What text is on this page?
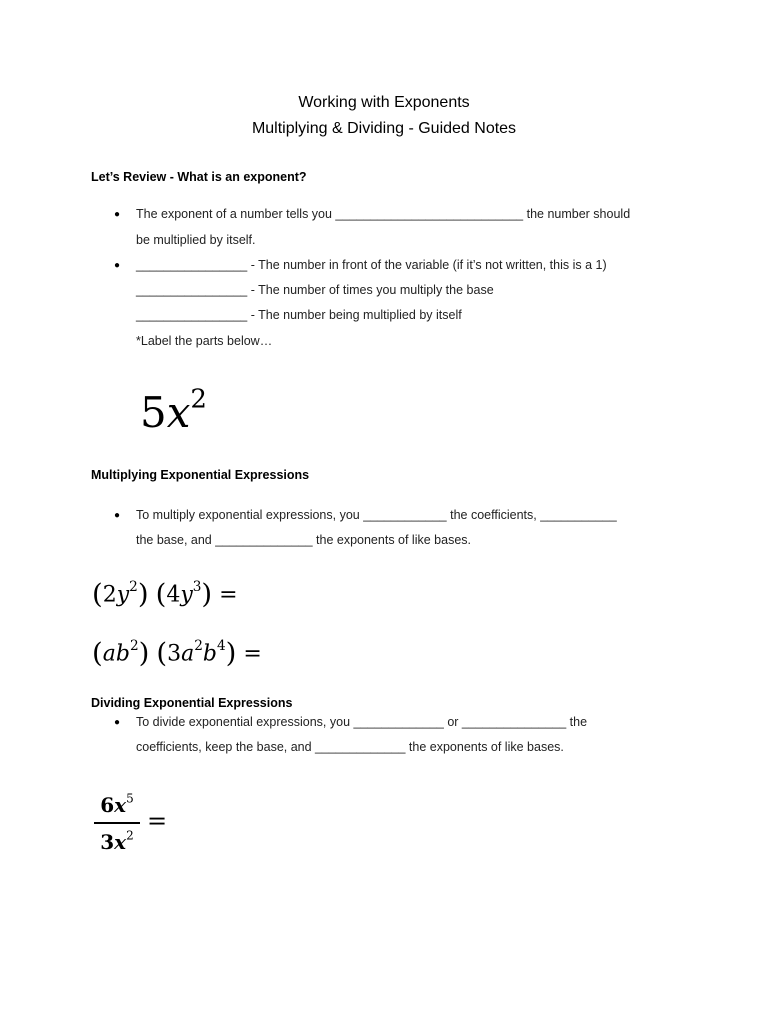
Working with Exponents
Multiplying & Dividing - Guided Notes
Let’s Review - What is an exponent?
● The exponent of a number tells you ___________________________ the number should
be multiplied by itself.
● ________________ - The number in front of the variable (if it’s not written, this is a 1)
________________ - The number of times you multiply the base
________________ - The number being multiplied by itself
*Label the parts below…
$5x^2$
Multiplying Exponential Expressions
● To multiply exponential expressions, you ____________ the coefficients, ___________
the base, and ______________ the exponents of like bases.
$(2y^2) (4y^3)$ =
$(ab^2) (3a^2b^4)$ =
Dividing Exponential Expressions
● To divide exponential expressions, you _____________ or _______________ the
coefficients, keep the base, and _____________ the exponents of like bases.
$6x^5$
$3x^2$ =
